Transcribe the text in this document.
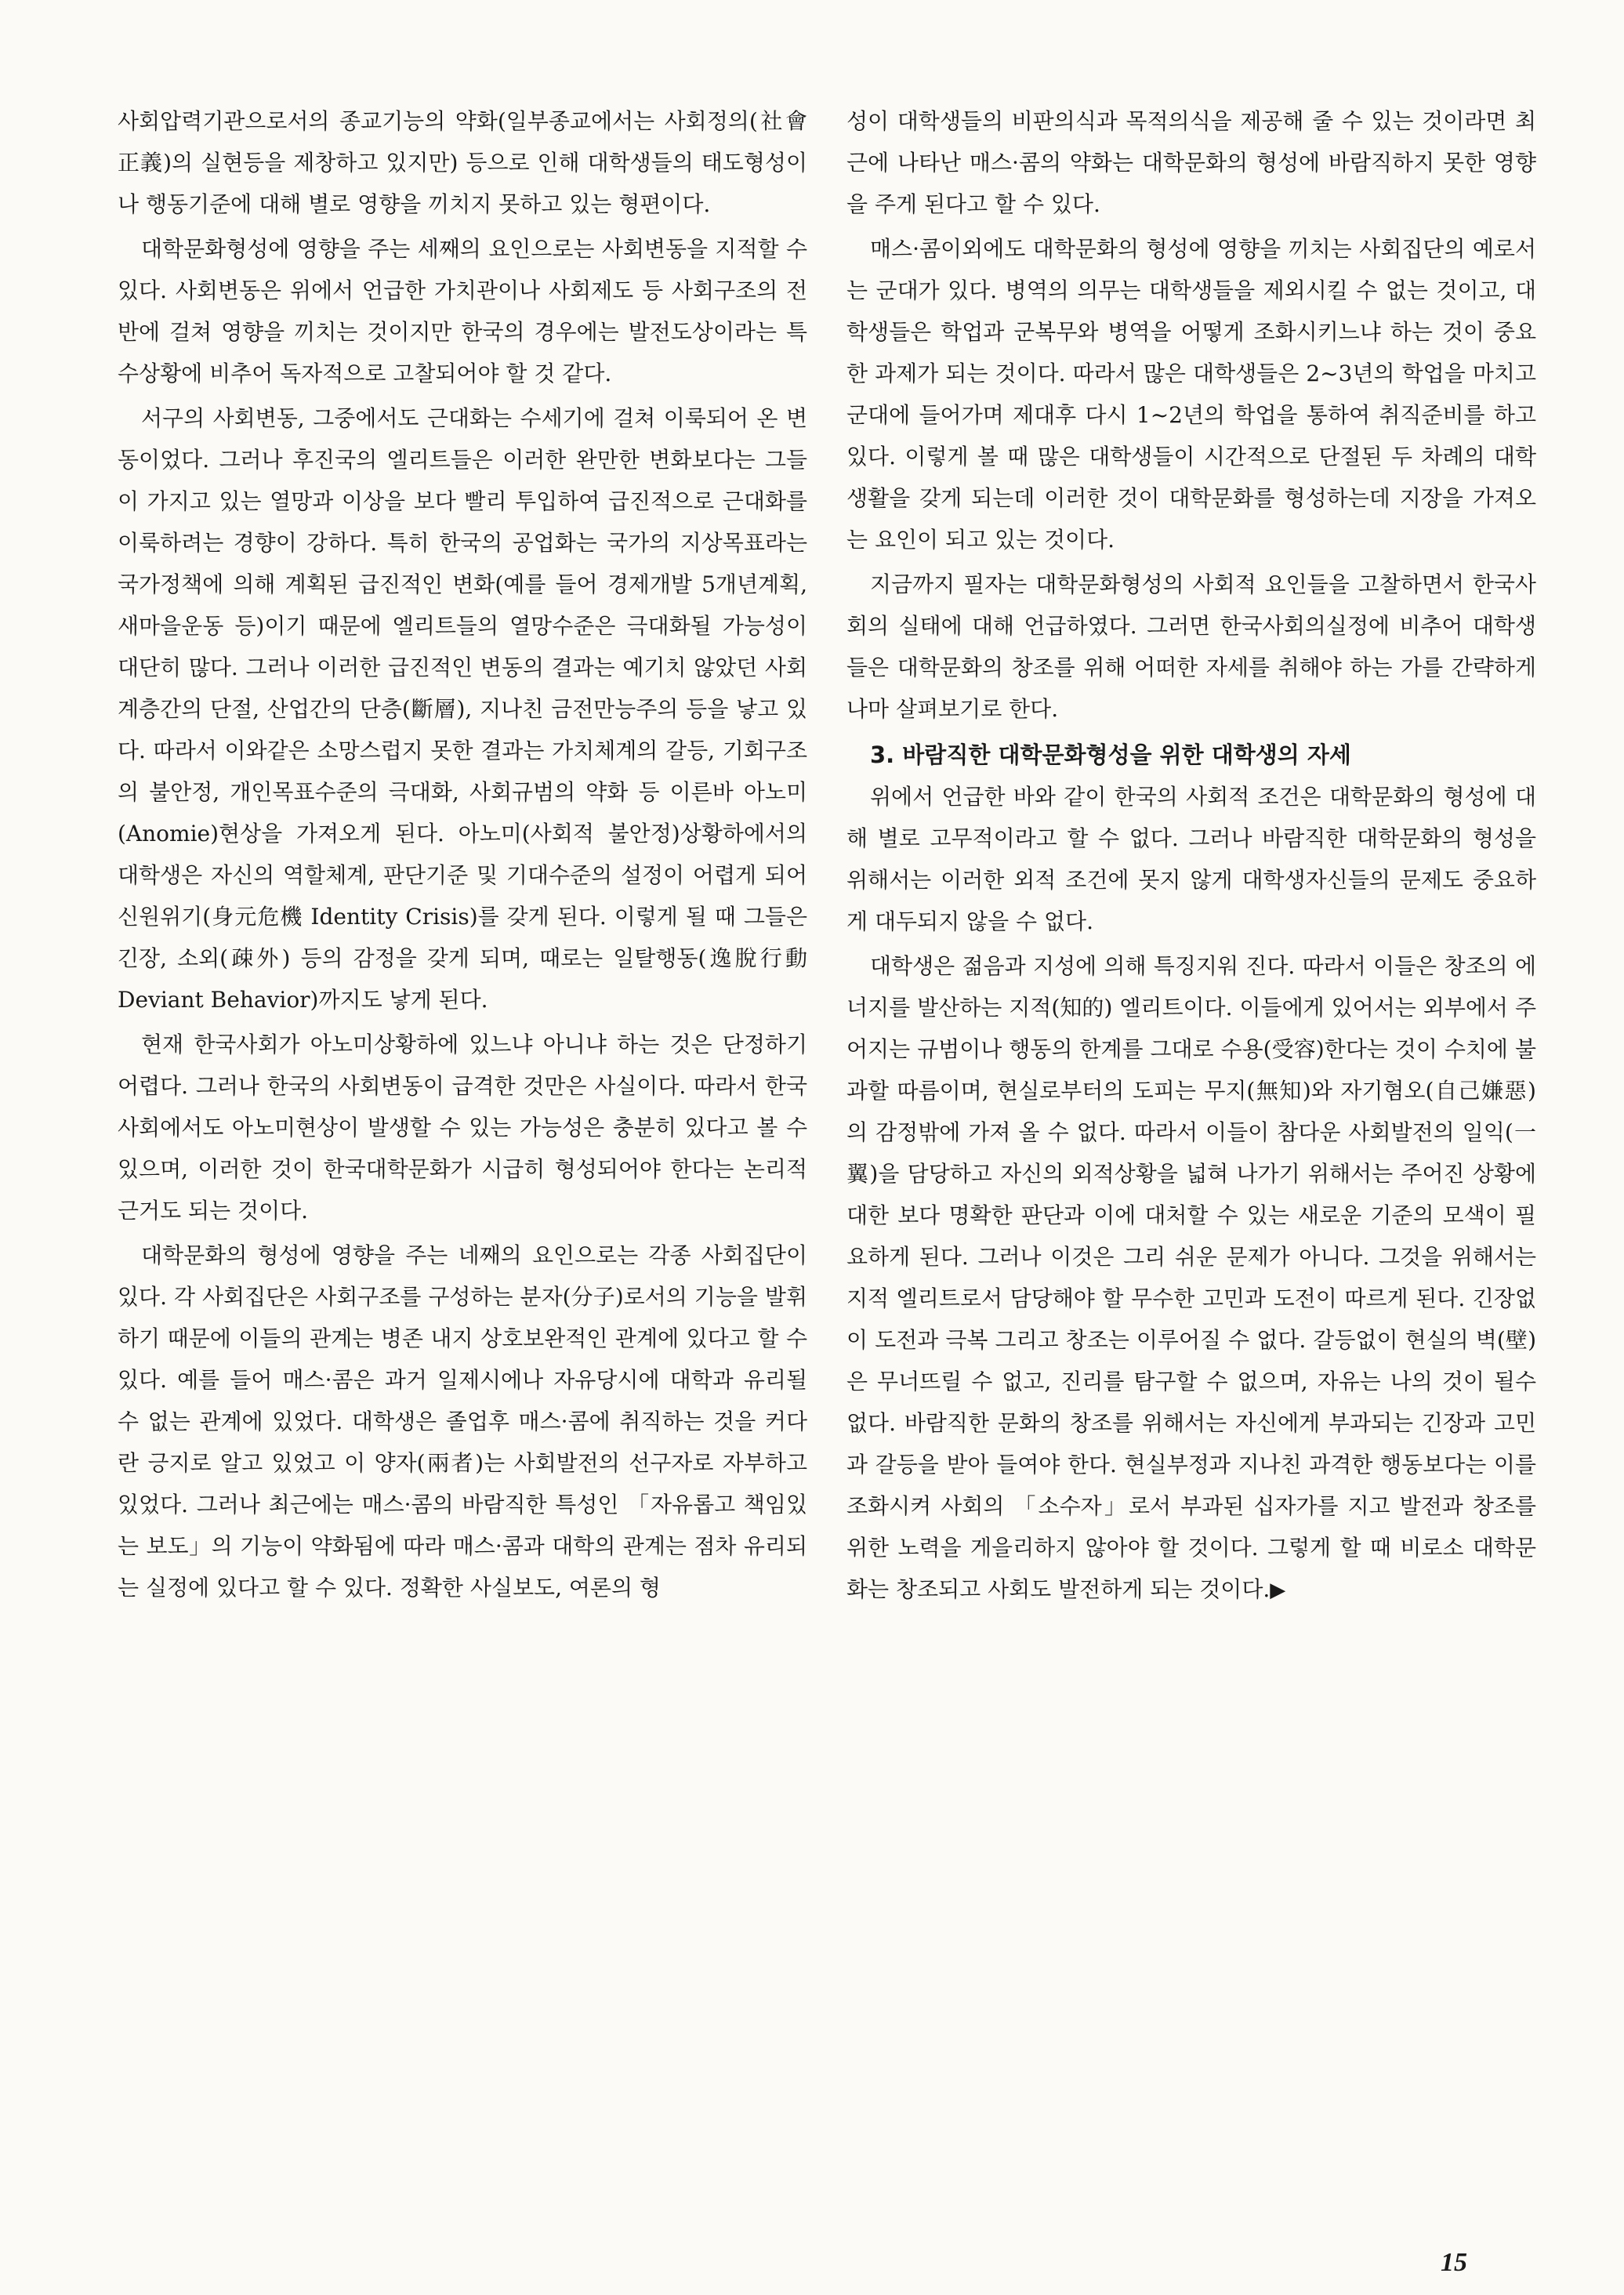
사회압력기관으로서의 종교기능의 약화(일부종교에서는 사회정의(社會正義)의 실현등을 제창하고 있지만) 등으로 인해 대학생들의 태도형성이나 행동기준에 대해 별로 영향을 끼치지 못하고 있는 형편이다.

대학문화형성에 영향을 주는 세째의 요인으로는 사회변동을 지적할 수 있다. 사회변동은 위에서 언급한 가치관이나 사회제도 등 사회구조의 전반에 걸쳐 영향을 끼치는 것이지만 한국의 경우에는 발전도상이라는 특수상황에 비추어 독자적으로 고찰되어야 할 것 같다.

서구의 사회변동, 그중에서도 근대화는 수세기에 걸쳐 이룩되어 온 변동이었다. 그러나 후진국의 엘리트들은 이러한 완만한 변화보다는 그들이 가지고 있는 열망과 이상을 보다 빨리 투입하여 급진적으로 근대화를 이룩하려는 경향이 강하다. 특히 한국의 공업화는 국가의 지상목표라는 국가정책에 의해 계획된 급진적인 변화(예를 들어 경제개발 5개년계획, 새마을운동 등)이기 때문에 엘리트들의 열망수준은 극대화될 가능성이 대단히 많다. 그러나 이러한 급진적인 변동의 결과는 예기치 않았던 사회계층간의 단절, 산업간의 단층(斷層), 지나친 금전만능주의 등을 낳고 있다. 따라서 이와같은 소망스럽지 못한 결과는 가치체계의 갈등, 기회구조의 불안정, 개인목표수준의 극대화, 사회규범의 약화 등 이른바 아노미(Anomie)현상을 가져오게 된다. 아노미(사회적 불안정)상황하에서의 대학생은 자신의 역할체계, 판단기준 및 기대수준의 설정이 어렵게 되어 신원위기(身元危機 Identity Crisis)를 갖게 된다. 이렇게 될 때 그들은 긴장, 소외(疎外) 등의 감정을 갖게 되며, 때로는 일탈행동(逸脫行動 Deviant Behavior)까지도 낳게 된다.

현재 한국사회가 아노미상황하에 있느냐 아니냐 하는 것은 단정하기 어렵다. 그러나 한국의 사회변동이 급격한 것만은 사실이다. 따라서 한국사회에서도 아노미현상이 발생할 수 있는 가능성은 충분히 있다고 볼 수 있으며, 이러한 것이 한국대학문화가 시급히 형성되어야 한다는 논리적 근거도 되는 것이다.

대학문화의 형성에 영향을 주는 네째의 요인으로는 각종 사회집단이 있다. 각 사회집단은 사회구조를 구성하는 분자(分子)로서의 기능을 발휘하기 때문에 이들의 관계는 병존 내지 상호보완적인 관계에 있다고 할 수 있다. 예를 들어 매스·콤은 과거 일제시에나 자유당시에 대학과 유리될 수 없는 관계에 있었다. 대학생은 졸업후 매스·콤에 취직하는 것을 커다란 긍지로 알고 있었고 이 양자(兩者)는 사회발전의 선구자로 자부하고 있었다. 그러나 최근에는 매스·콤의 바람직한 특성인 「자유롭고 책임있는 보도」의 기능이 약화됨에 따라 매스·콤과 대학의 관계는 점차 유리되는 실정에 있다고 할 수 있다. 정확한 사실보도, 여론의 형

성이 대학생들의 비판의식과 목적의식을 제공해 줄 수 있는 것이라면 최근에 나타난 매스·콤의 약화는 대학문화의 형성에 바람직하지 못한 영향을 주게 된다고 할 수 있다.

매스·콤이외에도 대학문화의 형성에 영향을 끼치는 사회집단의 예로서는 군대가 있다. 병역의 의무는 대학생들을 제외시킬 수 없는 것이고, 대학생들은 학업과 군복무와 병역을 어떻게 조화시키느냐 하는 것이 중요한 과제가 되는 것이다. 따라서 많은 대학생들은 2~3년의 학업을 마치고 군대에 들어가며 제대후 다시 1~2년의 학업을 통하여 취직준비를 하고 있다. 이렇게 볼 때 많은 대학생들이 시간적으로 단절된 두 차례의 대학생활을 갖게 되는데 이러한 것이 대학문화를 형성하는데 지장을 가져오는 요인이 되고 있는 것이다.

지금까지 필자는 대학문화형성의 사회적 요인들을 고찰하면서 한국사회의 실태에 대해 언급하였다. 그러면 한국사회의실정에 비추어 대학생들은 대학문화의 창조를 위해 어떠한 자세를 취해야 하는 가를 간략하게나마 살펴보기로 한다.

3. 바람직한 대학문화형성을 위한 대학생의 자세

위에서 언급한 바와 같이 한국의 사회적 조건은 대학문화의 형성에 대해 별로 고무적이라고 할 수 없다. 그러나 바람직한 대학문화의 형성을 위해서는 이러한 외적 조건에 못지 않게 대학생자신들의 문제도 중요하게 대두되지 않을 수 없다.

대학생은 젊음과 지성에 의해 특징지워 진다. 따라서 이들은 창조의 에너지를 발산하는 지적(知的) 엘리트이다. 이들에게 있어서는 외부에서 주어지는 규범이나 행동의 한계를 그대로 수용(受容)한다는 것이 수치에 불과할 따름이며, 현실로부터의 도피는 무지(無知)와 자기혐오(自己嫌惡)의 감정밖에 가져 올 수 없다. 따라서 이들이 참다운 사회발전의 일익(一翼)을 담당하고 자신의 외적상황을 넓혀 나가기 위해서는 주어진 상황에 대한 보다 명확한 판단과 이에 대처할 수 있는 새로운 기준의 모색이 필요하게 된다. 그러나 이것은 그리 쉬운 문제가 아니다. 그것을 위해서는 지적 엘리트로서 담당해야 할 무수한 고민과 도전이 따르게 된다. 긴장없이 도전과 극복 그리고 창조는 이루어질 수 없다. 갈등없이 현실의 벽(壁)은 무너뜨릴 수 없고, 진리를 탐구할 수 없으며, 자유는 나의 것이 될수 없다. 바람직한 문화의 창조를 위해서는 자신에게 부과되는 긴장과 고민과 갈등을 받아 들여야 한다. 현실부정과 지나친 과격한 행동보다는 이를 조화시켜 사회의 「소수자」로서 부과된 십자가를 지고 발전과 창조를 위한 노력을 게을리하지 않아야 할 것이다. 그렇게 할 때 비로소 대학문화는 창조되고 사회도 발전하게 되는 것이다.▶

15
